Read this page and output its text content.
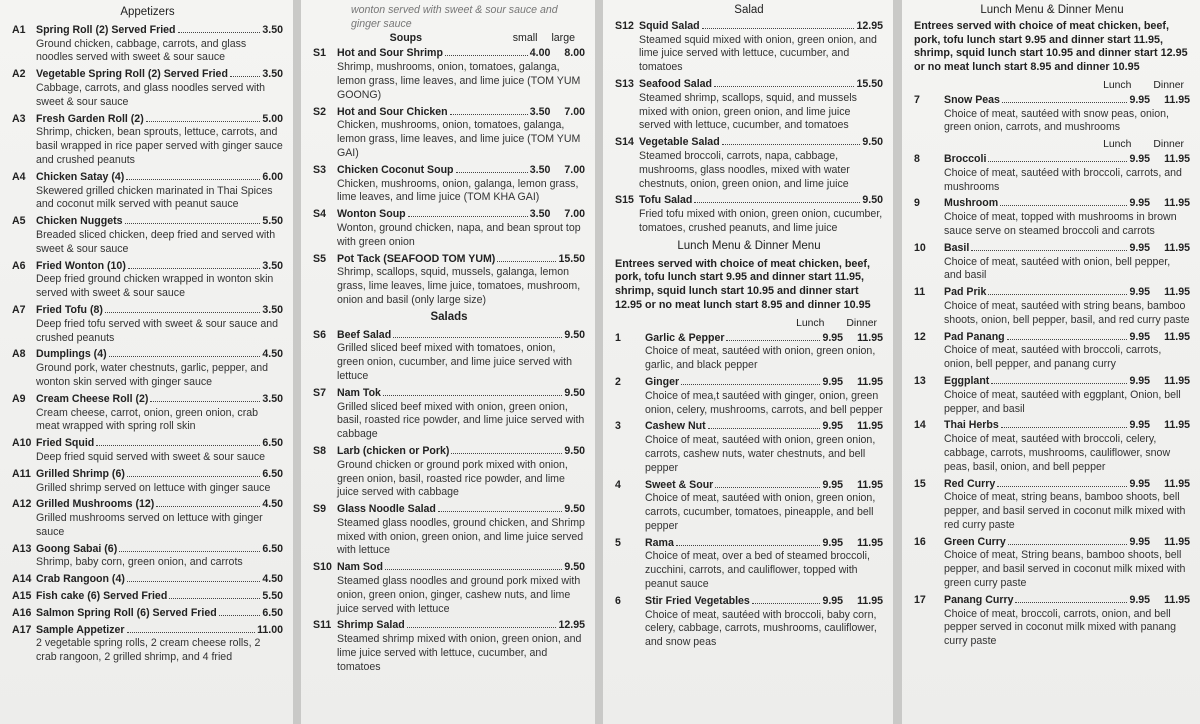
Appetizers
A1 Spring Roll (2) Served Fried	3.50
Ground chicken, cabbage, carrots, and glass noodles served with sweet & sour sauce
A2 Vegetable Spring Roll (2) Served Fried	3.50
Cabbage, carrots, and glass noodles served with sweet & sour sauce
A3 Fresh Garden Roll (2)	5.00
Shrimp, chicken, bean sprouts, lettuce, carrots, and basil wrapped in rice paper served with ginger sauce and crushed peanuts
A4 Chicken Satay (4)	6.00
Skewered grilled chicken marinated in Thai Spices and coconut milk served with peanut sauce
A5 Chicken Nuggets	5.50
Breaded sliced chicken, deep fried and served with sweet & sour sauce
A6 Fried Wonton (10)	3.50
Deep fried ground chicken wrapped in wonton skin served with sweet & sour sauce
A7 Fried Tofu (8)	3.50
Deep fried tofu served with sweet & sour sauce and crushed peanuts
A8 Dumplings (4)	4.50
Ground pork, water chestnuts, garlic, pepper, and wonton skin served with ginger sauce
A9 Cream Cheese Roll (2)	3.50
Cream cheese, carrot, onion, green onion, crab meat wrapped with spring roll skin
A10 Fried Squid	6.50
Deep fried squid served with sweet & sour sauce
A11 Grilled Shrimp (6)	6.50
Grilled shrimp served on lettuce with ginger sauce
A12 Grilled Mushrooms (12)	4.50
Grilled mushrooms served on lettuce with ginger sauce
A13 Goong Sabai (6)	6.50
Shrimp, baby corn, green onion, and carrots
A14 Crab Rangoon (4)	4.50
A15 Fish cake (6) Served Fried	5.50
A16 Salmon Spring Roll (6) Served Fried	6.50
A17 Sample Appetizer	11.00
2 vegetable spring rolls, 2 cream cheese rolls, 2 crab rangoon, 2 grilled shrimp, and 4 fried
wonton served with sweet & sour sauce and ginger sauce
Soups	small large
S1	Hot and Sour Shrimp	4.00 8.00
Shrimp, mushrooms, onion, tomatoes, galanga, lemon grass, lime leaves, and lime juice (TOM YUM GOONG)
S2	Hot and Sour Chicken	3.50 7.00
Chicken, mushrooms, onion, tomatoes, galanga, lemon grass, lime leaves, and lime juice (TOM YUM GAI)
S3	Chicken Coconut Soup	3.50 7.00
Chicken, mushrooms, onion, galanga, lemon grass, lime leaves, and lime juice (TOM KHA GAI)
S4	Wonton Soup	3.50 7.00
Wonton, ground chicken, napa, and bean sprout top with green onion
S5	Pot Tack (SEAFOOD TOM YUM)	15.50
Shrimp, scallops, squid, mussels, galanga, lemon grass, lime leaves, lime juice, tomatoes, mushroom, onion and basil (only large size)
Salads
S6	Beef Salad	9.50
Grilled sliced beef mixed with tomatoes, onion, green onion, cucumber, and lime juice served with lettuce
S7	Nam Tok	9.50
Grilled sliced beef mixed with onion, green onion, basil, roasted rice powder, and lime juice served with cabbage
S8	Larb (chicken or Pork)	9.50
Ground chicken or ground pork mixed with onion, green onion, basil, roasted rice powder, and lime juice served with cabbage
S9	Glass Noodle Salad	9.50
Steamed glass noodles, ground chicken, and Shrimp mixed with onion, green onion, and lime juice served with lettuce
S10 Nam Sod	9.50
Steamed glass noodles and ground pork mixed with onion, green onion, ginger, cashew nuts, and lime juice served with lettuce
S11 Shrimp Salad	12.95
Steamed shrimp mixed with onion, green onion, and lime juice served with lettuce, cucumber, and tomatoes
Salad
S12 Squid Salad	12.95
Steamed squid mixed with onion, green onion, and lime juice served with lettuce, cucumber, and tomatoes
S13 Seafood Salad	15.50
Steamed shrimp, scallops, squid, and mussels mixed with onion, green onion, and lime juice served with lettuce, cucumber, and tomatoes
S14 Vegetable Salad	9.50
Steamed broccoli, carrots, napa, cabbage, mushrooms, glass noodles, mixed with water chestnuts, onion, green onion, and lime juice
S15 Tofu Salad	9.50
Fried tofu mixed with onion, green onion, cucumber, tomatoes, crushed peanuts, and lime juice
Lunch Menu & Dinner Menu
Entrees served with choice of meat chicken, beef, pork, tofu lunch start 9.95 and dinner start 11.95, shrimp, squid lunch start 10.95 and dinner start 12.95 or no meat lunch start 8.95 and dinner 10.95
Lunch Dinner
1	Garlic & Pepper	9.95 11.95
Choice of meat, sautéed with onion, green onion, garlic, and black pepper
2	Ginger	9.95 11.95
Choice of mea,t sautéed with ginger, onion, green onion, celery, mushrooms, carrots, and bell pepper
3	Cashew Nut	9.95 11.95
Choice of meat, sautéed with onion, green onion, carrots, cashew nuts, water chestnuts, and bell pepper
4	Sweet & Sour	9.95 11.95
Choice of meat, sautéed with onion, green onion, carrots, cucumber, tomatoes, pineapple, and bell pepper
5	Rama	9.95 11.95
Choice of meat, over a bed of steamed broccoli, zucchini, carrots, and cauliflower, topped with peanut sauce
6	Stir Fried Vegetables	9.95 11.95
Choice of meat, sautéed with broccoli, baby corn, celery, cabbage, carrots, mushrooms, cauliflower, and snow peas
Lunch Menu & Dinner Menu
Entrees served with choice of meat chicken, beef, pork, tofu lunch start 9.95 and dinner start 11.95, shrimp, squid lunch start 10.95 and dinner start 12.95 or no meat lunch start 8.95 and dinner 10.95
Lunch Dinner
7	Snow Peas	9.95 11.95
Choice of meat, sautéed with snow peas, onion, green onion, carrots, and mushrooms
Lunch Dinner
8	Broccoli	9.95 11.95
Choice of meat, sautéed with broccoli, carrots, and mushrooms
9	Mushroom	9.95 11.95
Choice of meat, topped with mushrooms in brown sauce serve on steamed broccoli and carrots
10	Basil	9.95 11.95
Choice of meat, sautéed with onion, bell pepper, and basil
11	Pad Prik	9.95 11.95
Choice of meat, sautéed with string beans, bamboo shoots, onion, bell pepper, basil, and red curry paste
12	Pad Panang	9.95 11.95
Choice of meat, sautéed with broccoli, carrots, onion, bell pepper, and panang curry
13	Eggplant	9.95 11.95
Choice of meat, sautéed with eggplant, Onion, bell pepper, and basil
14	Thai Herbs	9.95 11.95
Choice of meat, sautéed with broccoli, celery, cabbage, carrots, mushrooms, cauliflower, snow peas, basil, onion, and bell pepper
15	Red Curry	9.95 11.95
Choice of meat, string beans, bamboo shoots, bell pepper, and basil served in coconut milk mixed with red curry paste
16	Green Curry	9.95 11.95
Choice of meat, String beans, bamboo shoots, bell pepper, and basil served in coconut milk mixed with green curry paste
17	Panang Curry	9.95 11.95
Choice of meat, broccoli, carrots, onion, and bell pepper served in coconut milk mixed with panang curry paste
